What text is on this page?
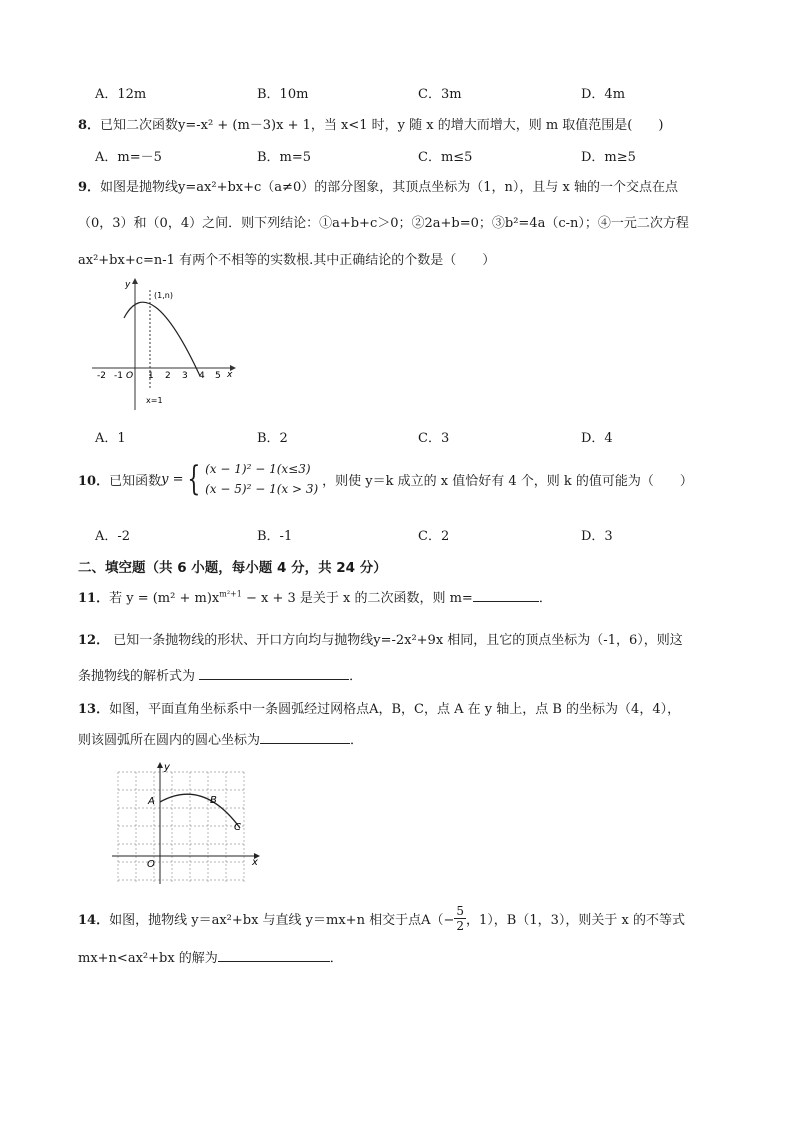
A．12m	B．10m	C．3m	D．4m
8．已知二次函数y=-x² + (m－3)x + 1，当 x<1 时，y 随 x 的增大而增大，则 m 取值范围是(　　)
A．m=－5	B．m=5	C．m≤5	D．m≥5
9．如图是抛物线y=ax²+bx+c（a≠0）的部分图象，其顶点坐标为（1，n），且与 x 轴的一个交点在点
（0，3）和（0，4）之间．则下列结论：①a+b+c＞0；②2a+b=0；③b²=4a（c-n）；④一元二次方程
ax²+bx+c=n-1 有两个不相等的实数根.其中正确结论的个数是（　　）
y
x
(1,n)
x=1
O
-2 -1	1 2 3 4 5
A．1	B．2	C．3	D．4
10． 已知函数 y = { (x − 1)² − 1(x≤3)
(x − 5)² − 1(x > 3)
，则使 y＝k 成立的 x 值恰好有 4 个，则 k 的值可能为（　　）
A．-2	B．-1	C．2	D．3
二、填空题（共 6 小题，每小题 4 分，共 24 分）
11．若 $y = (m^2 + m)x^{m^2+1} - x + 3$ 是关于 x 的二次函数，则 m=	．
12． 已知一条抛物线的形状、开口方向均与抛物线y=-2x²+9x 相同，且它的顶点坐标为（-1，6），则这
条抛物线的解析式为	．
13．如图，平面直角坐标系中一条圆弧经过网格点A，B，C，点 A 在 y 轴上，点 B 的坐标为（4，4），
则该圆弧所在圆内的圆心坐标为	．
y
x
O
A	B
C
14． 如图，抛物线 y＝ax²+bx 与直线 y＝mx+n 相交于点$A(- \frac{5}{2}$ ，1），B（1，3），则关于 x 的不等式
mx+n<ax²+bx 的解为	．
